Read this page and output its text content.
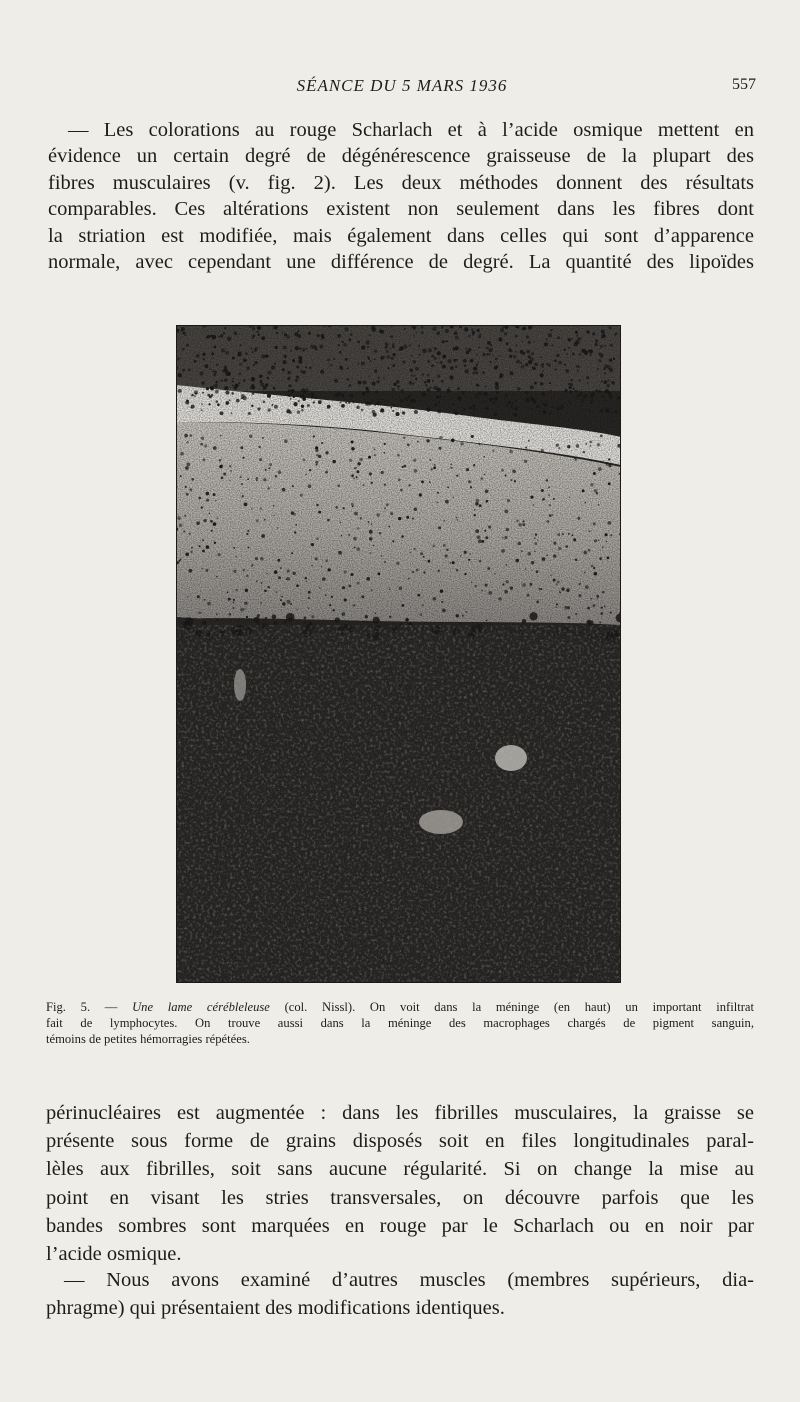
SÉANCE DU 5 MARS 1936	557
— Les colorations au rouge Scharlach et à l’acide osmique mettent en
évidence un certain degré de dégénérescence graisseuse de la plupart des
fibres musculaires (v. fig. 2). Les deux méthodes donnent des résultats
comparables. Ces altérations existent non seulement dans les fibres dont
la striation est modifiée, mais également dans celles qui sont d’apparence
normale, avec cependant une différence de degré. La quantité des lipoïdes
Fig. 5. — Une lame cérébleleuse (col. Nissl). On voit dans la méninge (en haut) un important infiltrat
fait de lymphocytes. On trouve aussi dans la méninge des macrophages chargés de pigment sanguin,
témoins de petites hémorragies répétées.
périnucléaires est augmentée : dans les fibrilles musculaires, la graisse se
présente sous forme de grains disposés soit en files longitudinales paral-
lèles aux fibrilles, soit sans aucune régularité. Si on change la mise au
point en visant les stries transversales, on découvre parfois que les
bandes sombres sont marquées en rouge par le Scharlach ou en noir par
l’acide osmique.
— Nous avons examiné d’autres muscles (membres supérieurs, dia-
phragme) qui présentaient des modifications identiques.
